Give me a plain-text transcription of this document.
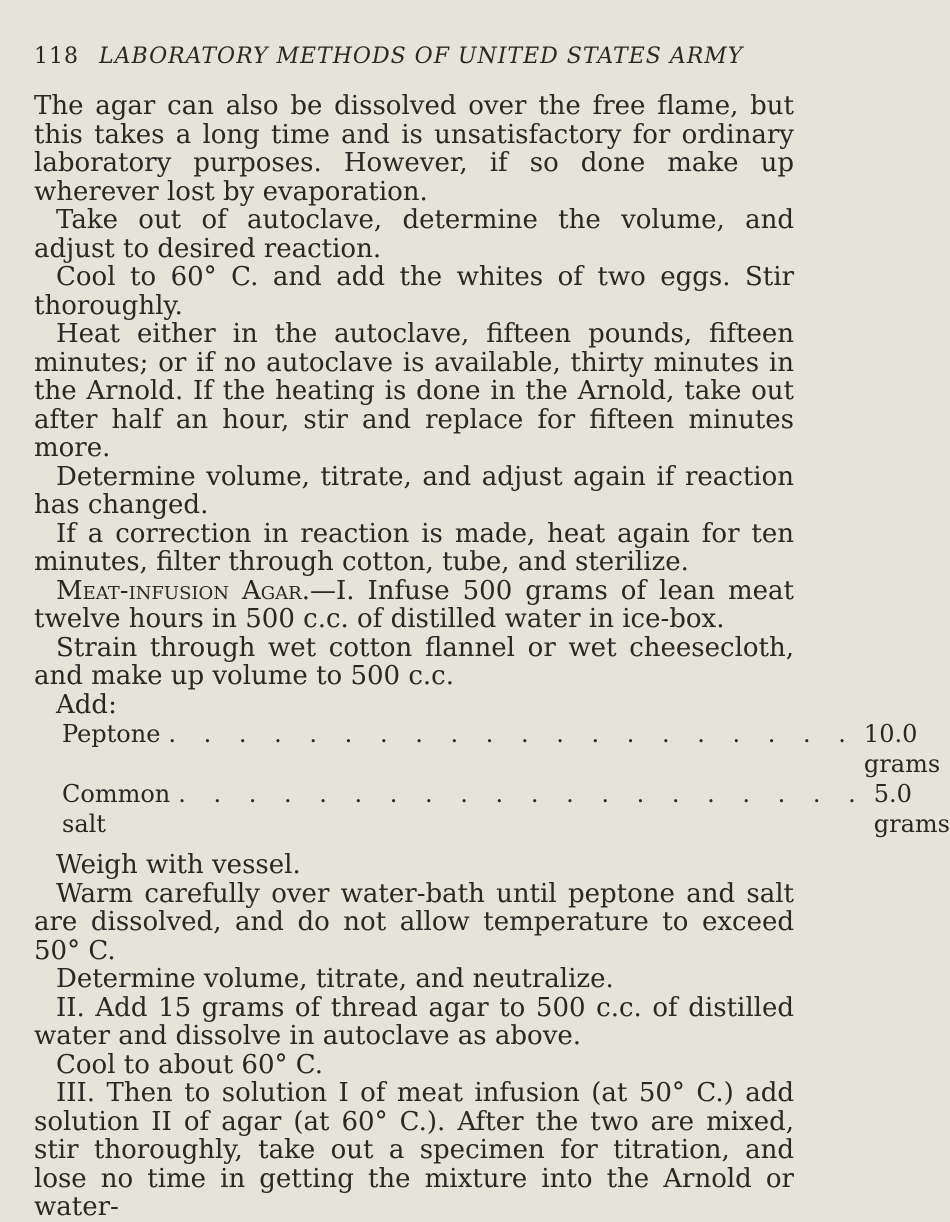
118 LABORATORY METHODS OF UNITED STATES ARMY

The agar can also be dissolved over the free flame, but this takes a long time and is unsatisfactory for ordinary laboratory purposes. However, if so done make up wherever lost by evaporation.

Take out of autoclave, determine the volume, and adjust to desired reaction.

Cool to 60° C. and add the whites of two eggs. Stir thoroughly.

Heat either in the autoclave, fifteen pounds, fifteen minutes; or if no autoclave is available, thirty minutes in the Arnold. If the heating is done in the Arnold, take out after half an hour, stir and replace for fifteen minutes more.

Determine volume, titrate, and adjust again if reaction has changed.

If a correction in reaction is made, heat again for ten minutes, filter through cotton, tube, and sterilize.

Meat-infusion Agar.—I. Infuse 500 grams of lean meat twelve hours in 500 c.c. of distilled water in ice-box.

Strain through wet cotton flannel or wet cheesecloth, and make up volume to 500 c.c.

Add:

Peptone . . . . . . . . . . . . . . . . . . . . 10.0 grams
Common salt
. . . . . . . . . . . . . . . . . . . . 5.0 grams

Weigh with vessel.

Warm carefully over water-bath until peptone and salt are dissolved, and do not allow temperature to exceed 50° C.

Determine volume, titrate, and neutralize.

II. Add 15 grams of thread agar to 500 c.c. of distilled water and dissolve in autoclave as above.

Cool to about 60° C.

III. Then to solution I of meat infusion (at 50° C.) add solution II of agar (at 60° C.). After the two are mixed, stir thoroughly, take out a specimen for titration, and lose no time in getting the mixture into the Arnold or water-
